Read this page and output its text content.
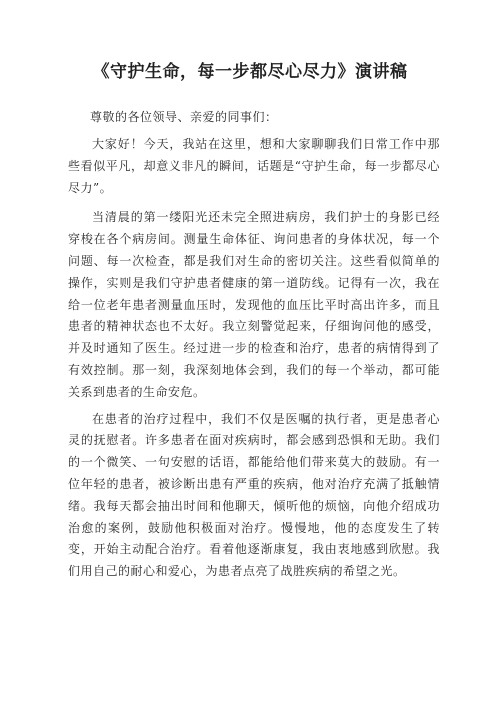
《守护生命，每一步都尽心尽力》演讲稿
尊敬的各位领导、亲爱的同事们：

大家好！今天，我站在这里，想和大家聊聊我们日常工作中那些看似平凡，却意义非凡的瞬间，话题是“守护生命，每一步都尽心尽力”。

当清晨的第一缕阳光还未完全照进病房，我们护士的身影已经穿梭在各个病房间。测量生命体征、询问患者的身体状况，每一个问题、每一次检查，都是我们对生命的密切关注。这些看似简单的操作，实则是我们守护患者健康的第一道防线。记得有一次，我在给一位老年患者测量血压时，发现他的血压比平时高出许多，而且患者的精神状态也不太好。我立刻警觉起来，仔细询问他的感受，并及时通知了医生。经过进一步的检查和治疗，患者的病情得到了有效控制。那一刻，我深刻地体会到，我们的每一个举动，都可能关系到患者的生命安危。

在患者的治疗过程中，我们不仅是医嘱的执行者，更是患者心灵的抚慰者。许多患者在面对疾病时，都会感到恐惧和无助。我们的一个微笑、一句安慰的话语，都能给他们带来莫大的鼓励。有一位年轻的患者，被诊断出患有严重的疾病，他对治疗充满了抵触情绪。我每天都会抽出时间和他聊天，倾听他的烦恼，向他介绍成功治愈的案例，鼓励他积极面对治疗。慢慢地，他的态度发生了转变，开始主动配合治疗。看着他逐渐康复，我由衷地感到欣慰。我们用自己的耐心和爱心，为患者点亮了战胜疾病的希望之光。
